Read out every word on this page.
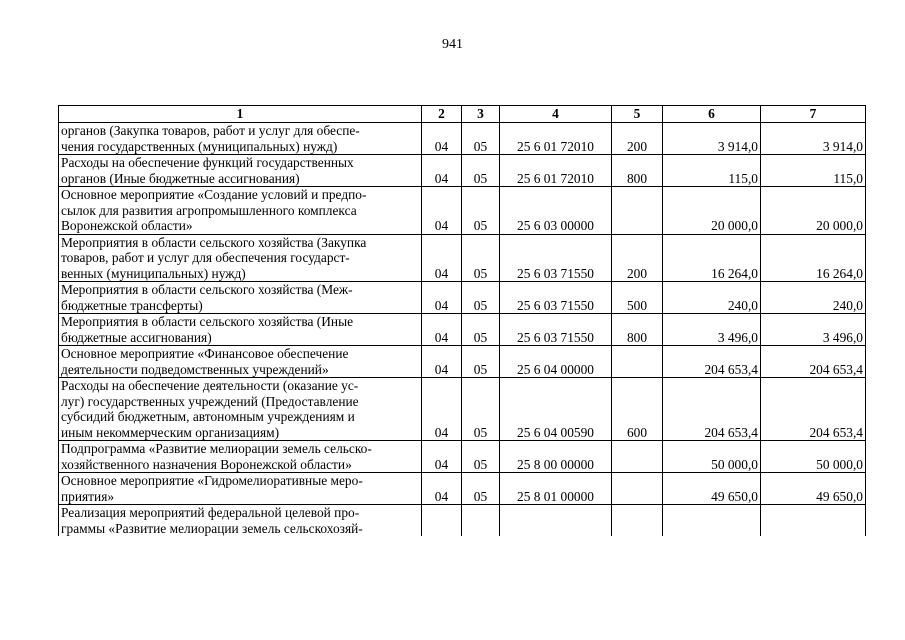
941
1	2	3	4	5	6	7

органов (Закупка товаров, работ и услуг для обеспе-
чения государственных (муниципальных) нужд)	04	05	25 6 01 72010	200	3 914,0	3 914,0

Расходы на обеспечение функций государственных
органов (Иные бюджетные ассигнования)	04	05	25 6 01 72010	800	115,0	115,0

Основное мероприятие «Создание условий и предпо-
сылок для развития агропромышленного комплекса
Воронежской области»	04	05	25 6 03 00000		20 000,0	20 000,0

Мероприятия в области сельского хозяйства (Закупка
товаров, работ и услуг для обеспечения государст-
венных (муниципальных) нужд)	04	05	25 6 03 71550	200	16 264,0	16 264,0

Мероприятия в области сельского хозяйства (Меж-
бюджетные трансферты)	04	05	25 6 03 71550	500	240,0	240,0

Мероприятия в области сельского хозяйства (Иные
бюджетные ассигнования)	04	05	25 6 03 71550	800	3 496,0	3 496,0

Основное мероприятие «Финансовое обеспечение
деятельности подведомственных учреждений»	04	05	25 6 04 00000		204 653,4	204 653,4

Расходы на обеспечение деятельности (оказание ус-
луг) государственных учреждений (Предоставление
субсидий бюджетным, автономным учреждениям и
иным некоммерческим организациям)	04	05	25 6 04 00590	600	204 653,4	204 653,4

Подпрограмма «Развитие мелиорации земель сельско-
хозяйственного назначения Воронежской области»	04	05	25 8 00 00000		50 000,0	50 000,0

Основное мероприятие «Гидромелиоративные меро-
приятия»	04	05	25 8 01 00000		49 650,0	49 650,0

Реализация мероприятий федеральной целевой про-
граммы «Развитие мелиорации земель сельскохозяй-						
